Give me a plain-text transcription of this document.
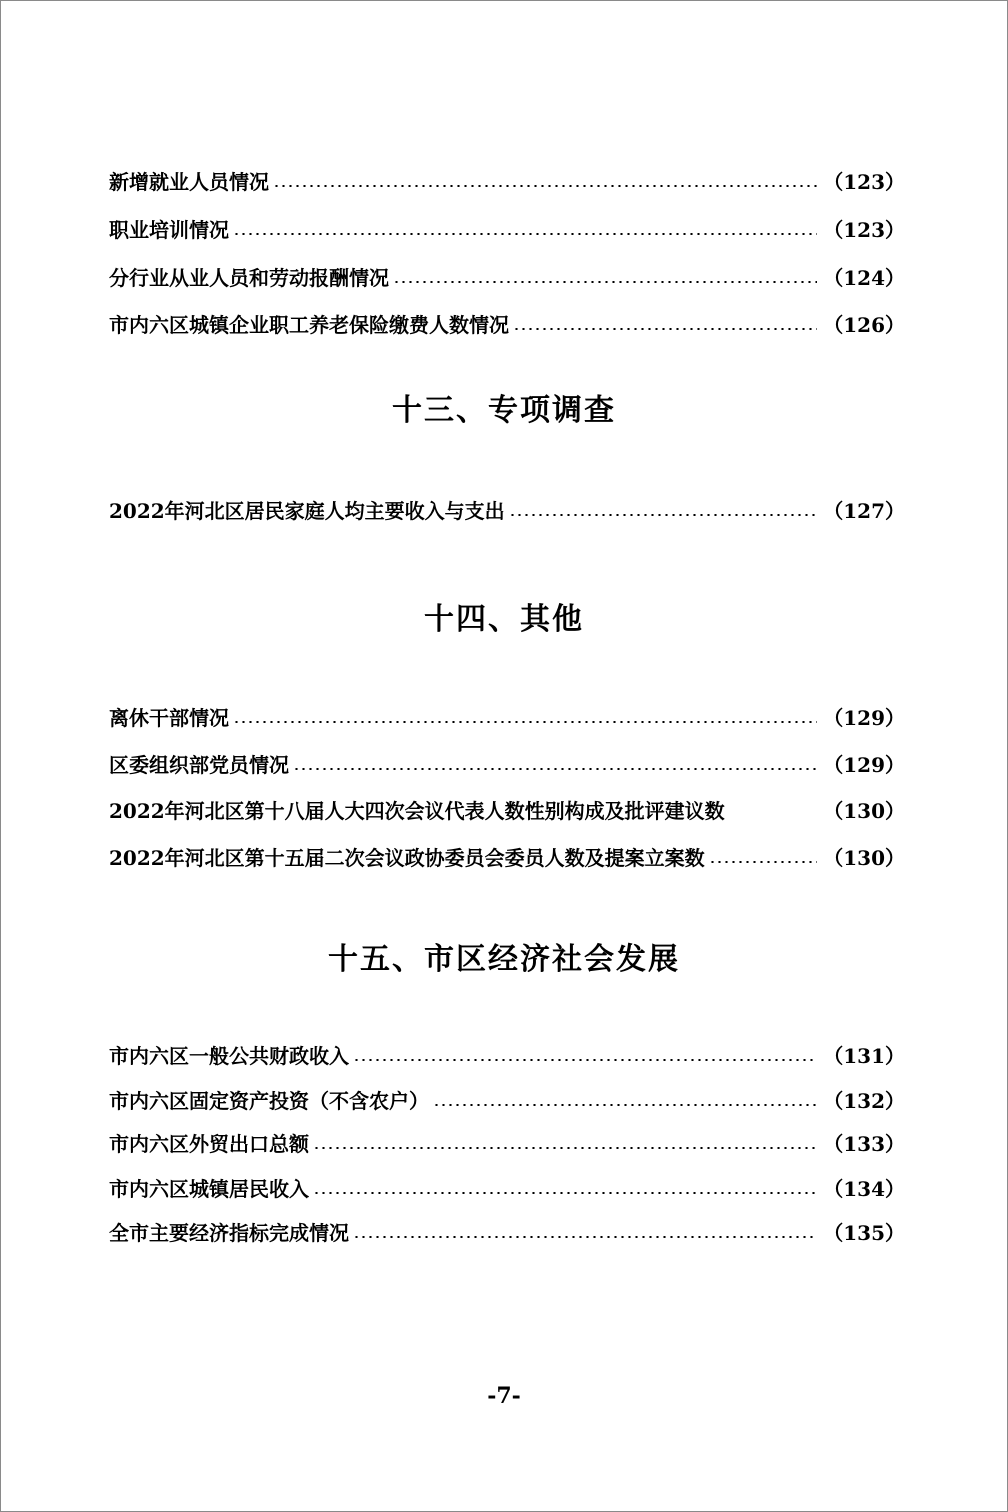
新增就业人员情况	（123）
职业培训情况	（123）
分行业从业人员和劳动报酬情况	（124）
市内六区城镇企业职工养老保险缴费人数情况	（126）
十三、专项调查
2022年河北区居民家庭人均主要收入与支出	（127）
十四、其他
离休干部情况	（129）
区委组织部党员情况	（129）
2022年河北区第十八届人大四次会议代表人数性别构成及批评建议数	（130）
2022年河北区第十五届二次会议政协委员会委员人数及提案立案数	（130）
十五、市区经济社会发展
市内六区一般公共财政收入	（131）
市内六区固定资产投资（不含农户）	（132）
市内六区外贸出口总额	（133）
市内六区城镇居民收入	（134）
全市主要经济指标完成情况	（135）
-7-
